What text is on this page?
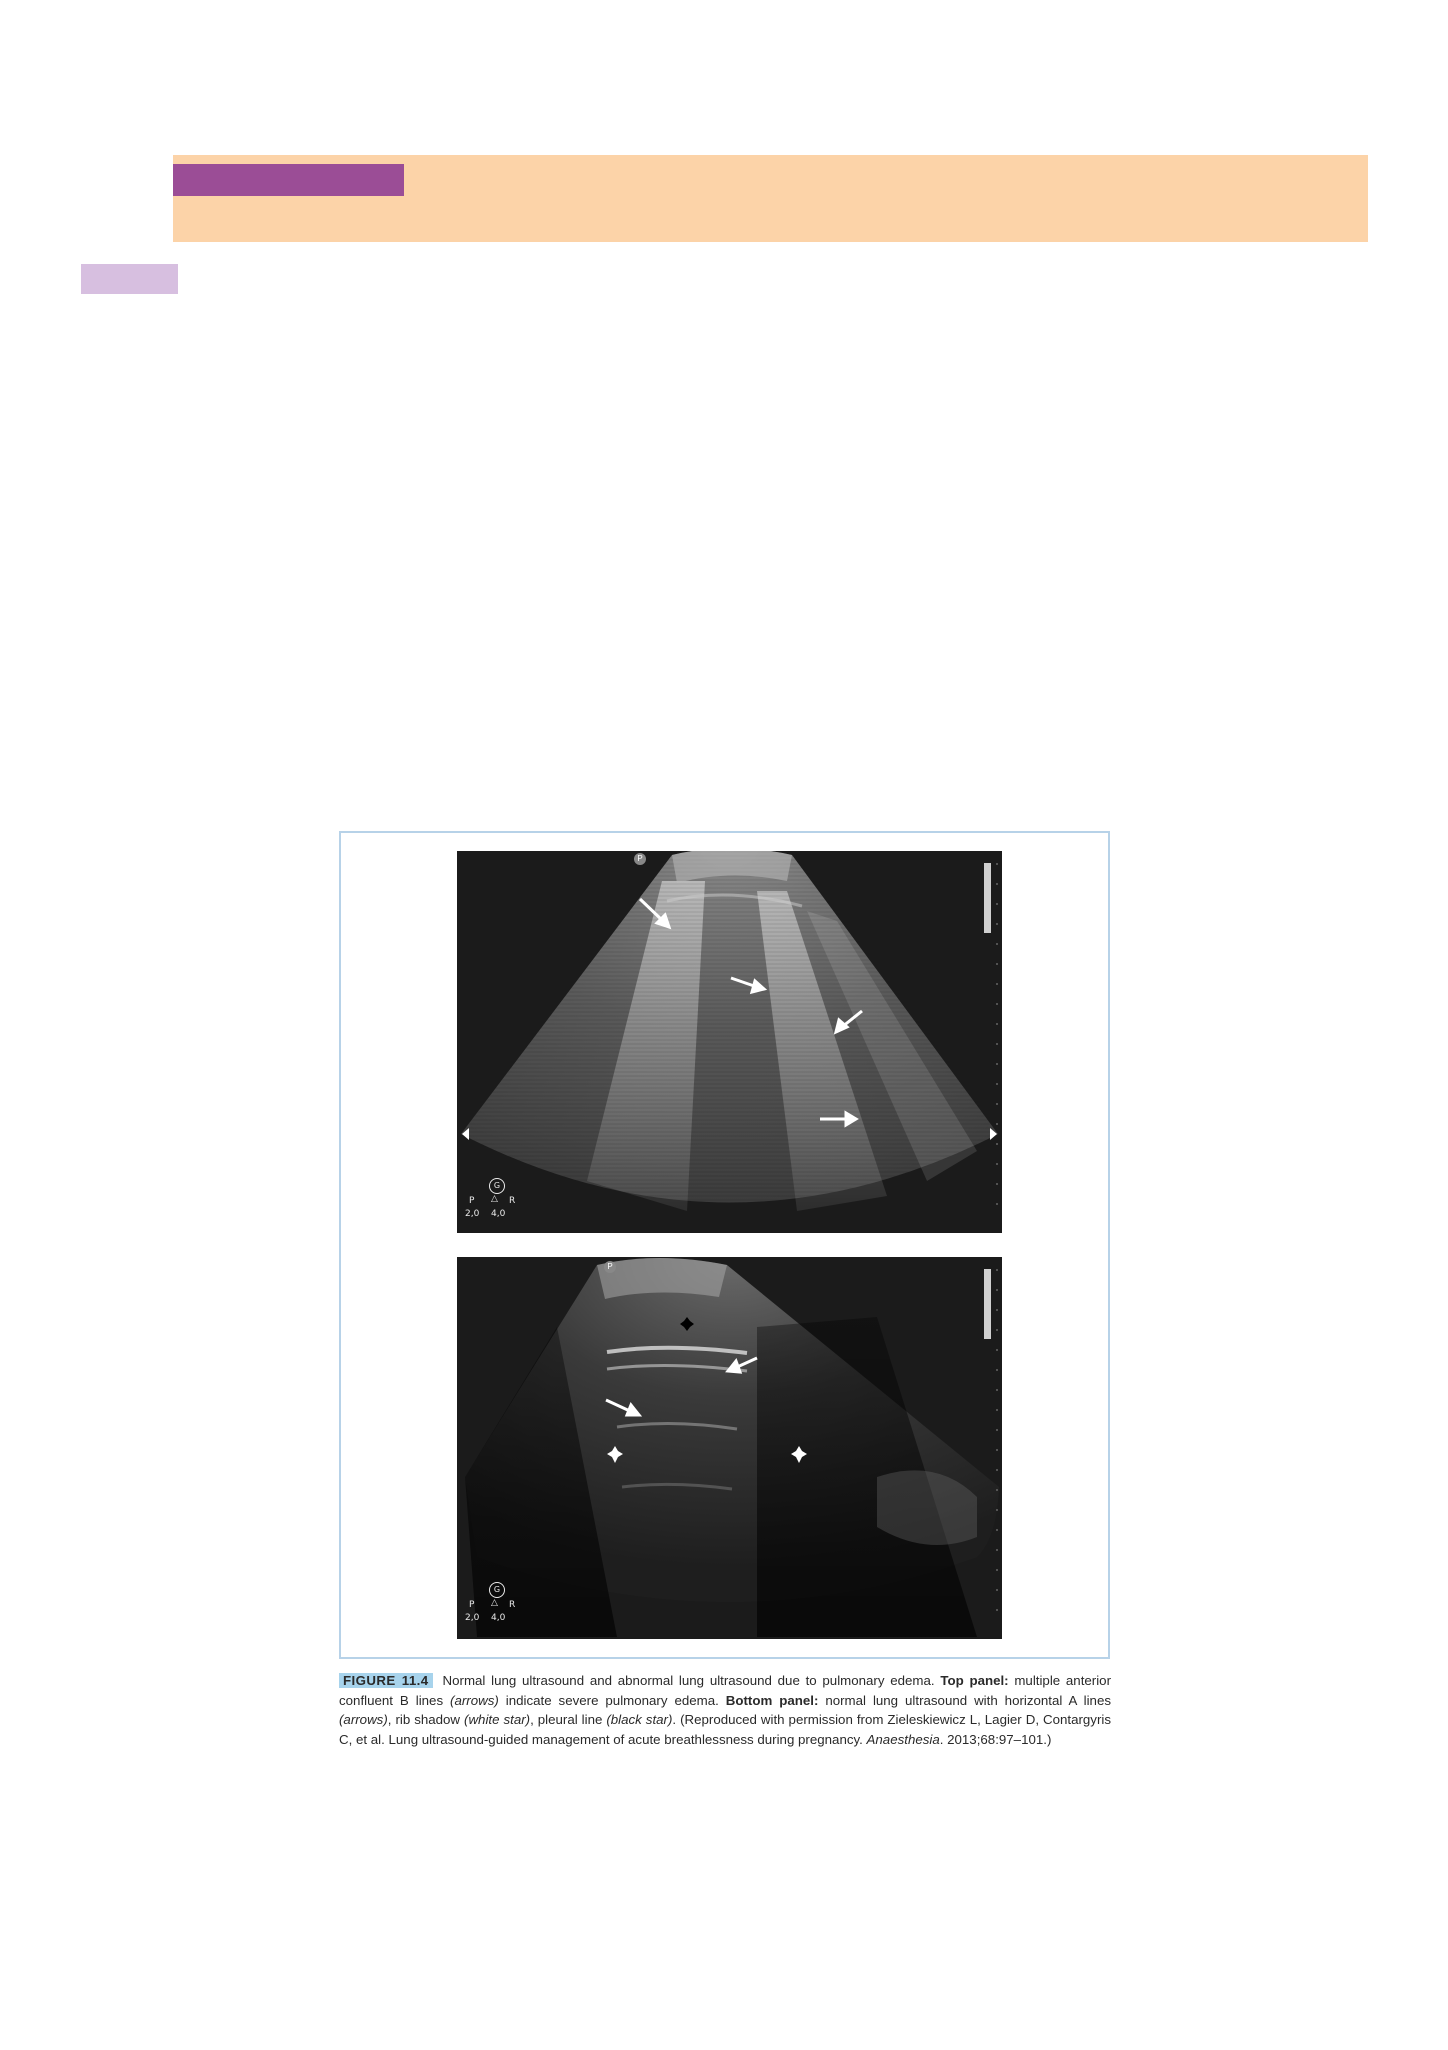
P
G
P △ R
2,0 4,0
P
G
P △ R
2,0 4,0
FIGURE 11.4 Normal lung ultrasound and abnormal lung ultrasound due to pulmonary edema. Top panel: multiple anterior confluent B lines (arrows) indicate severe pulmonary edema. Bottom panel: normal lung ultrasound with horizontal A lines (arrows), rib shadow (white star), pleural line (black star). (Reproduced with permission from Zieleskiewicz L, Lagier D, Contargyris C, et al. Lung ultrasound-guided management of acute breathlessness during pregnancy. Anaesthesia. 2013;68:97–101.)
